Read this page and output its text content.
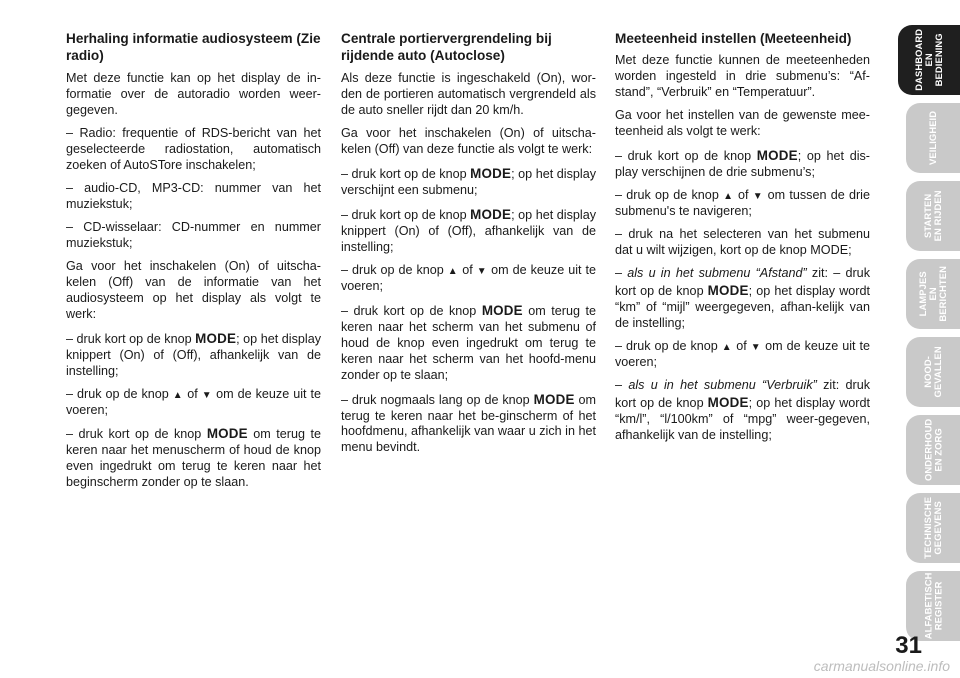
Herhaling informatie audiosysteem (Zie radio)

Met deze functie kan op het display de in-formatie over de autoradio worden weer-gegeven.

– Radio: frequentie of RDS-bericht van het geselecteerde radiostation, automatisch zoeken of AutoSTore inschakelen;

– audio-CD, MP3-CD: nummer van het muziekstuk;

– CD-wisselaar: CD-nummer en nummer muziekstuk;

Ga voor het inschakelen (On) of uitscha-kelen (Off) van de informatie van het audiosysteem op het display als volgt te werk:

– druk kort op de knop MODE; op het display knippert (On) of (Off), afhankelijk van de instelling;

– druk op de knop ▲ of ▼ om de keuze uit te voeren;

– druk kort op de knop MODE om terug te keren naar het menuscherm of houd de knop even ingedrukt om terug te keren naar het beginscherm zonder op te slaan.

Centrale portiervergrendeling bij rijdende auto (Autoclose)

Als deze functie is ingeschakeld (On), wor-den de portieren automatisch vergrendeld als de auto sneller rijdt dan 20 km/h.

Ga voor het inschakelen (On) of uitscha-kelen (Off) van deze functie als volgt te werk:

– druk kort op de knop MODE; op het display verschijnt een submenu;

– druk kort op de knop MODE; op het display knippert (On) of (Off), afhankelijk van de instelling;

– druk op de knop ▲ of ▼ om de keuze uit te voeren;

– druk kort op de knop MODE om terug te keren naar het scherm van het submenu of houd de knop even ingedrukt om terug te keren naar het scherm van het hoofd-menu zonder op te slaan;

– druk nogmaals lang op de knop MODE om terug te keren naar het be-ginscherm of het hoofdmenu, afhankelijk van waar u zich in het menu bevindt.

Meeteenheid instellen (Meeteenheid)

Met deze functie kunnen de meeteenheden worden ingesteld in drie submenu’s: “Af-stand”, “Verbruik” en “Temperatuur”.

Ga voor het instellen van de gewenste mee-teenheid als volgt te werk:

– druk kort op de knop MODE; op het dis-play verschijnen de drie submenu’s;

– druk op de knop ▲ of ▼ om tussen de drie submenu's te navigeren;

– druk na het selecteren van het submenu dat u wilt wijzigen, kort op de knop MODE;

– als u in het submenu “Afstand” zit: – druk kort op de knop MODE; op het display wordt “km” of “mijl” weergegeven, afhan-kelijk van de instelling;

– druk op de knop ▲ of ▼ om de keuze uit te voeren;

– als u in het submenu “Verbruik” zit: druk kort op de knop MODE; op het display wordt “km/l”, “l/100km” of “mpg” weer-gegeven, afhankelijk van de instelling;

DASHBOARD
EN BEDIENING
VEILIGHEID
STARTEN
EN RIJDEN
LAMPJES EN
BERICHTEN
NOOD-
GEVALLEN
ONDERHOUD
EN ZORG
TECHNISCHE
GEGEVENS
ALFABETISCH
REGISTER
31
carmanualsonline.info
